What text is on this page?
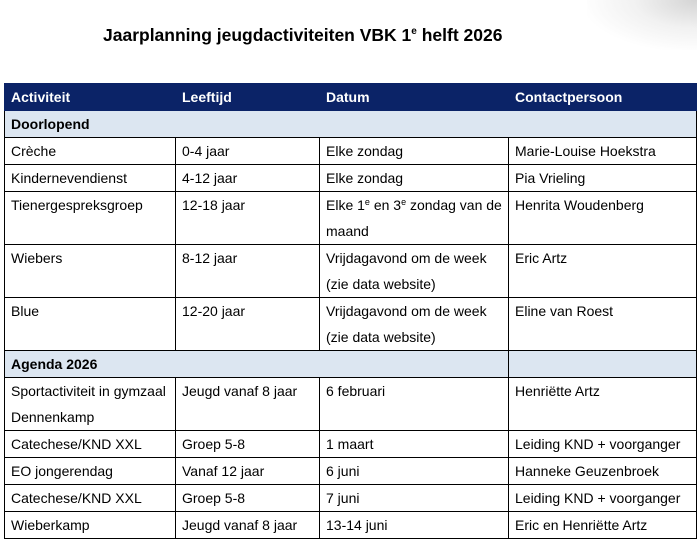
Jaarplanning jeugdactiviteiten VBK 1e helft 2026
Activiteit	Leeftijd	Datum	Contactpersoon
Doorlopend			
Crèche	0-4 jaar	Elke zondag	Marie-Louise Hoekstra
Kindernevendienst	4-12 jaar	Elke zondag	Pia Vrieling
Tienergespreksgroep	12-18 jaar	Elke 1e en 3e zondag van de maand	Henrita Woudenberg
Wiebers	8-12 jaar	Vrijdagavond om de week (zie data website)	Eric Artz
Blue	12-20 jaar	Vrijdagavond om de week (zie data website)	Eline van Roest
Agenda 2026			
Sportactiviteit in gymzaal Dennenkamp	Jeugd vanaf 8 jaar	6 februari	Henriëtte Artz
Catechese/KND XXL	Groep 5-8	1 maart	Leiding KND + voorganger
EO jongerendag	Vanaf 12 jaar	6 juni	Hanneke Geuzenbroek
Catechese/KND XXL	Groep 5-8	7 juni	Leiding KND + voorganger
Wieberkamp	Jeugd vanaf 8 jaar	13-14 juni	Eric en Henriëtte Artz
